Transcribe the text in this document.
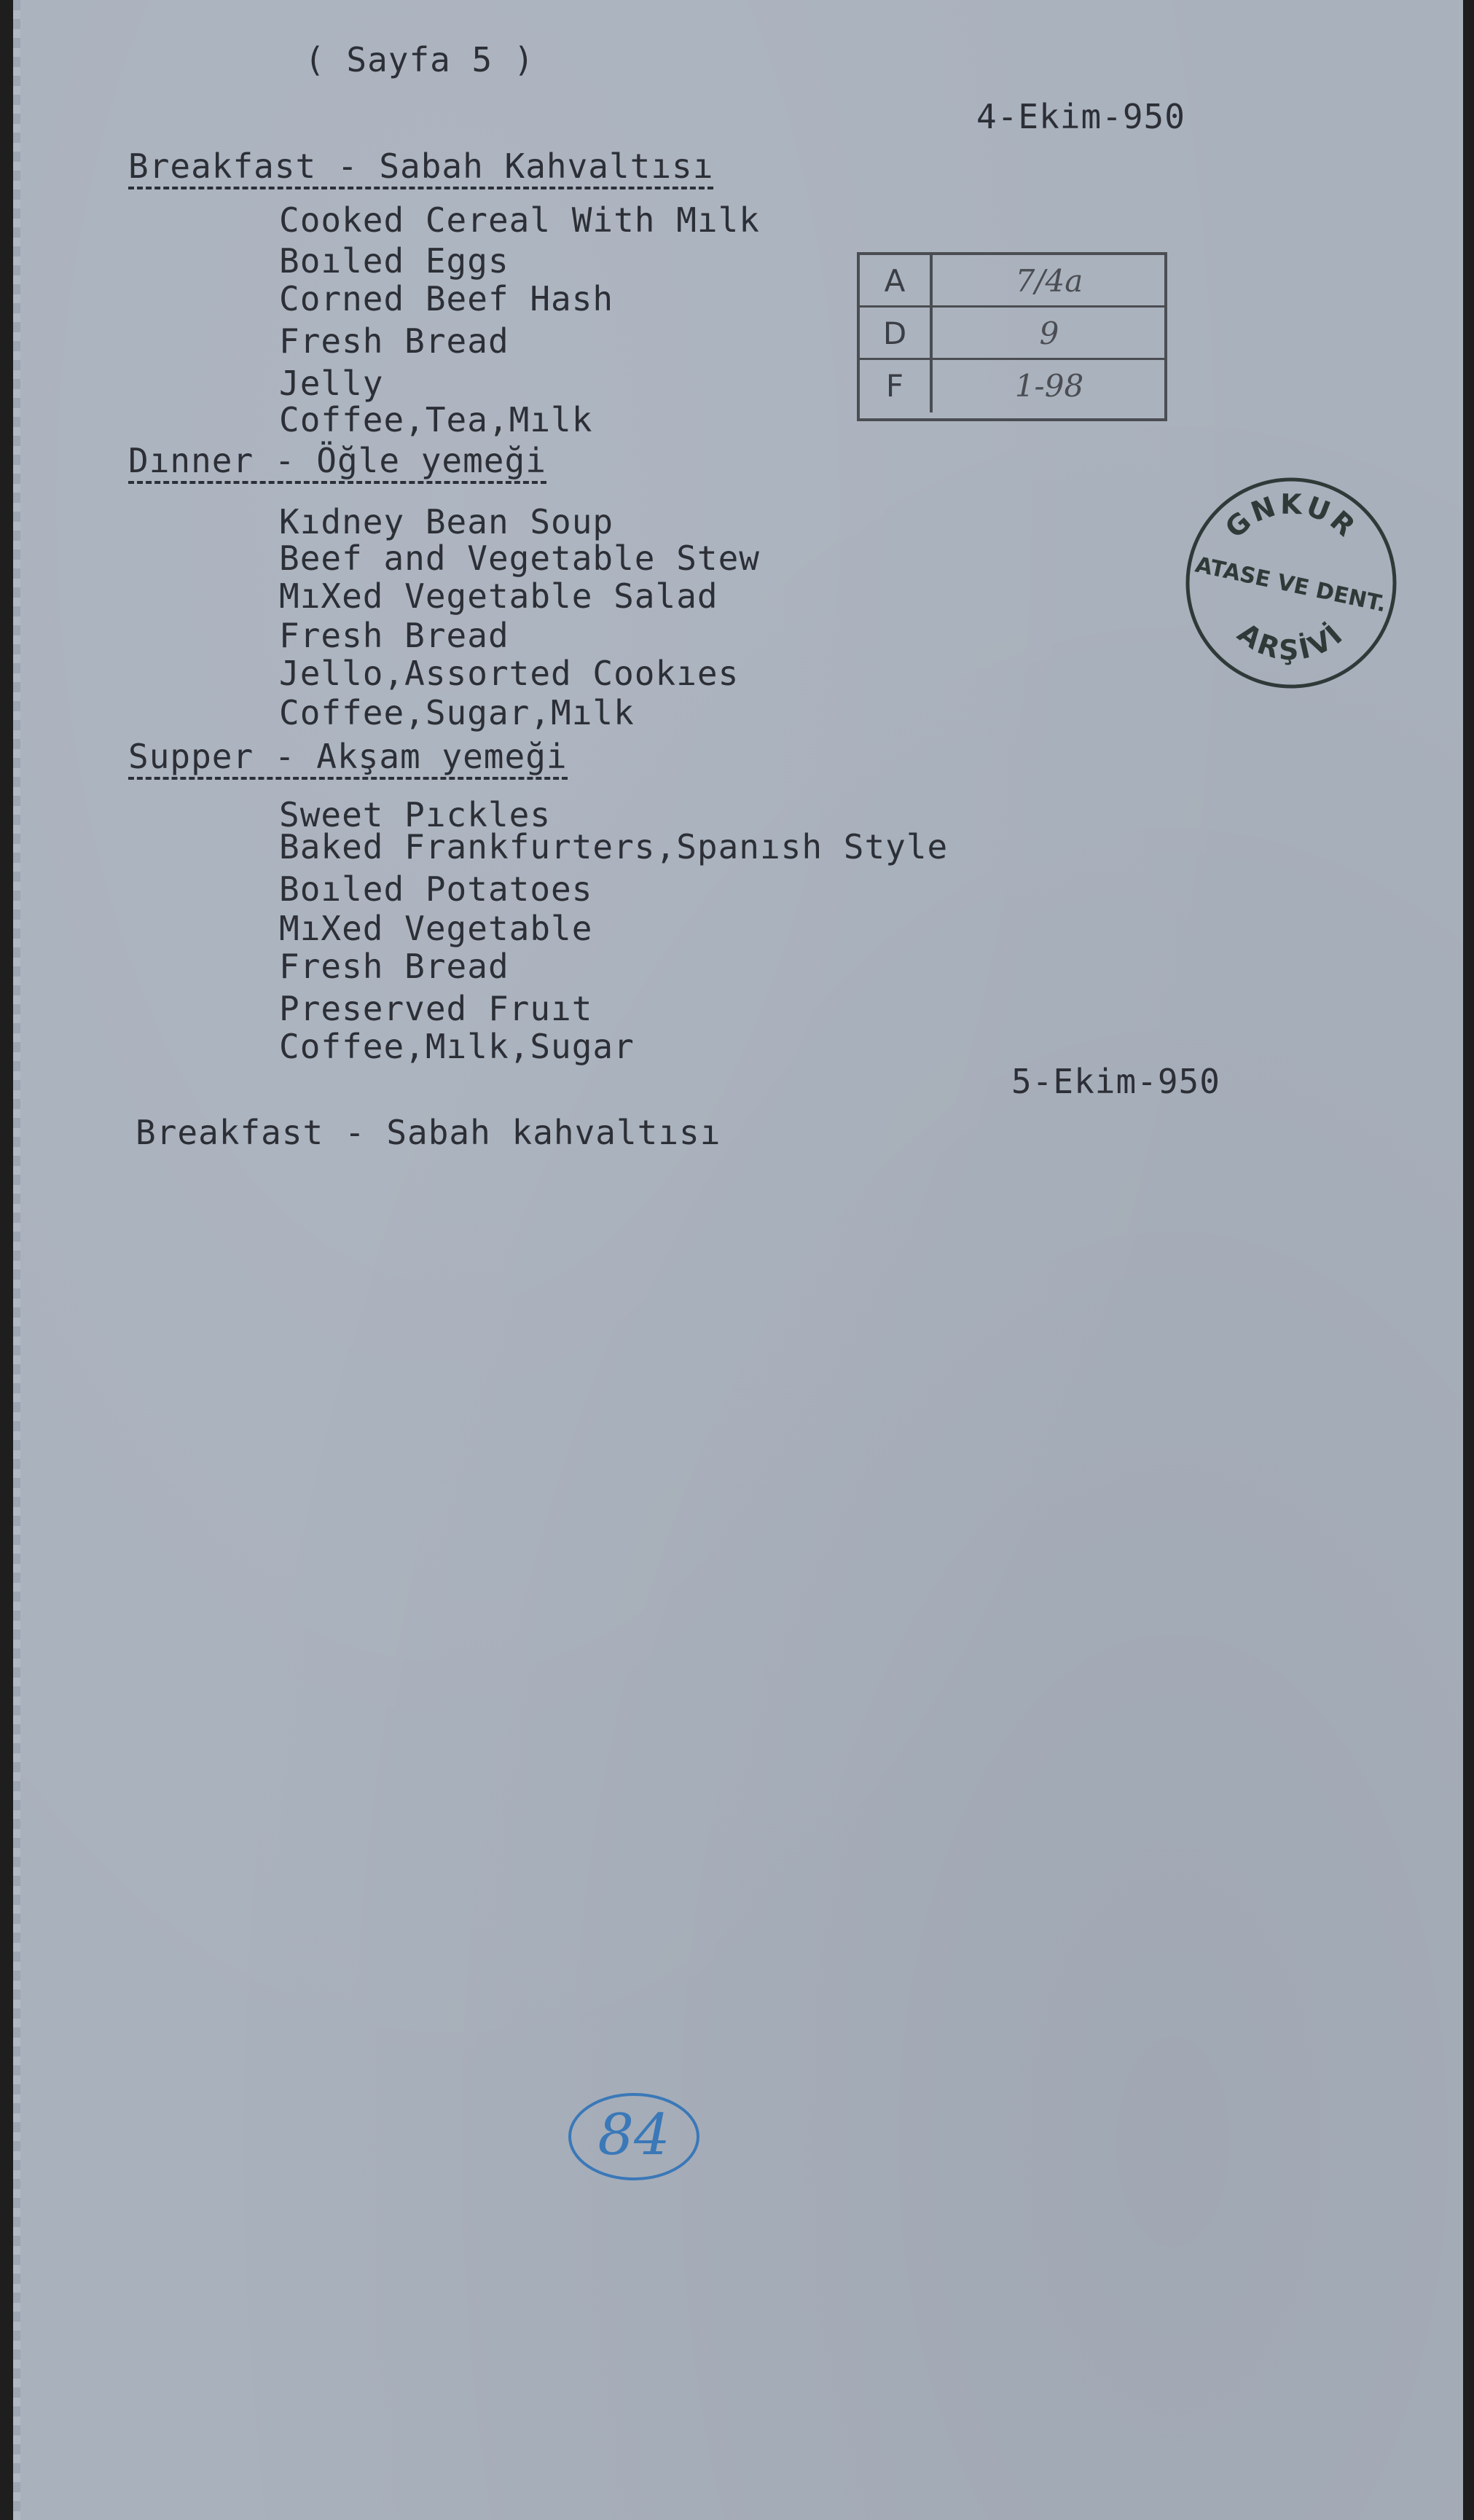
( Sayfa 5 )
4-Ekim-950
Breakfast - Sabah Kahvaltısı
Cooked Cereal With Mılk
Boıled Eggs
Corned Beef Hash
Fresh Bread
Jelly
Coffee,Tea,Mılk
Dınner - Öğle yemeği
Kıdney Bean Soup
Beef and Vegetable Stew
MıXed Vegetable Salad
Fresh Bread
Jello,Assorted Cookıes
Coffee,Sugar,Mılk
Supper - Akşam yemeği
Sweet Pıckles
Baked Frankfurters,Spanısh Style
Boıled Potatoes
MıXed Vegetable
Fresh Bread
Preserved Fruıt
Coffee,Mılk,Sugar
5-Ekim-950
Breakfast - Sabah kahvaltısı
A	7/4a
D	9
F	1-98
GNKUR
ATASE VE DENT.
ARŞİVİ
84
